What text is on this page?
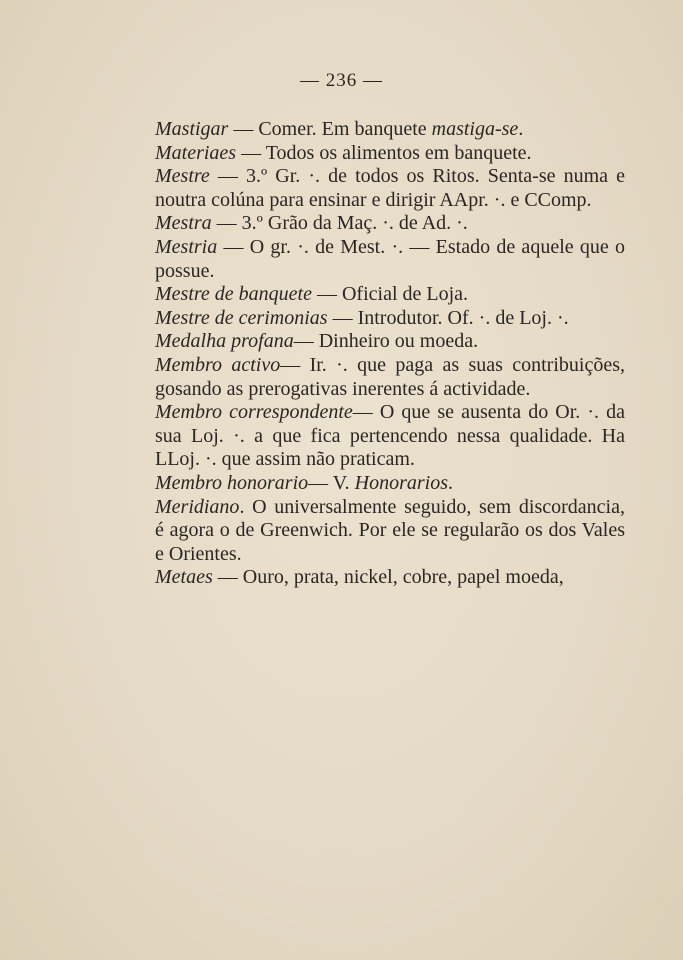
— 236 —

Mastigar — Comer. Em banquete mastiga-se.

Materiaes — Todos os alimentos em banquete.

Mestre — 3.º Gr. ·. de todos os Ritos. Senta-se numa e noutra colúna para ensinar e dirigir AApr. ·. e CComp.

Mestra — 3.º Grão da Maç. ·. de Ad. ·.

Mestria — O gr. ·. de Mest. ·. — Estado de aquele que o possue.

Mestre de banquete — Oficial de Loja.

Mestre de cerimonias — Introdutor. Of. ·. de Loj. ·.

Medalha profana— Dinheiro ou moeda.

Membro activo— Ir. ·. que paga as suas contribuições, gosando as prerogativas inerentes á actividade.

Membro correspondente— O que se ausenta do Or. ·. da sua Loj. ·. a que fica pertencendo nessa qualidade. Ha LLoj. ·. que assim não praticam.

Membro honorario— V. Honorarios.

Meridiano. O universalmente seguido, sem discordancia, é agora o de Greenwich. Por ele se regularão os dos Vales e Orientes.

Metaes — Ouro, prata, nickel, cobre, papel moeda,
